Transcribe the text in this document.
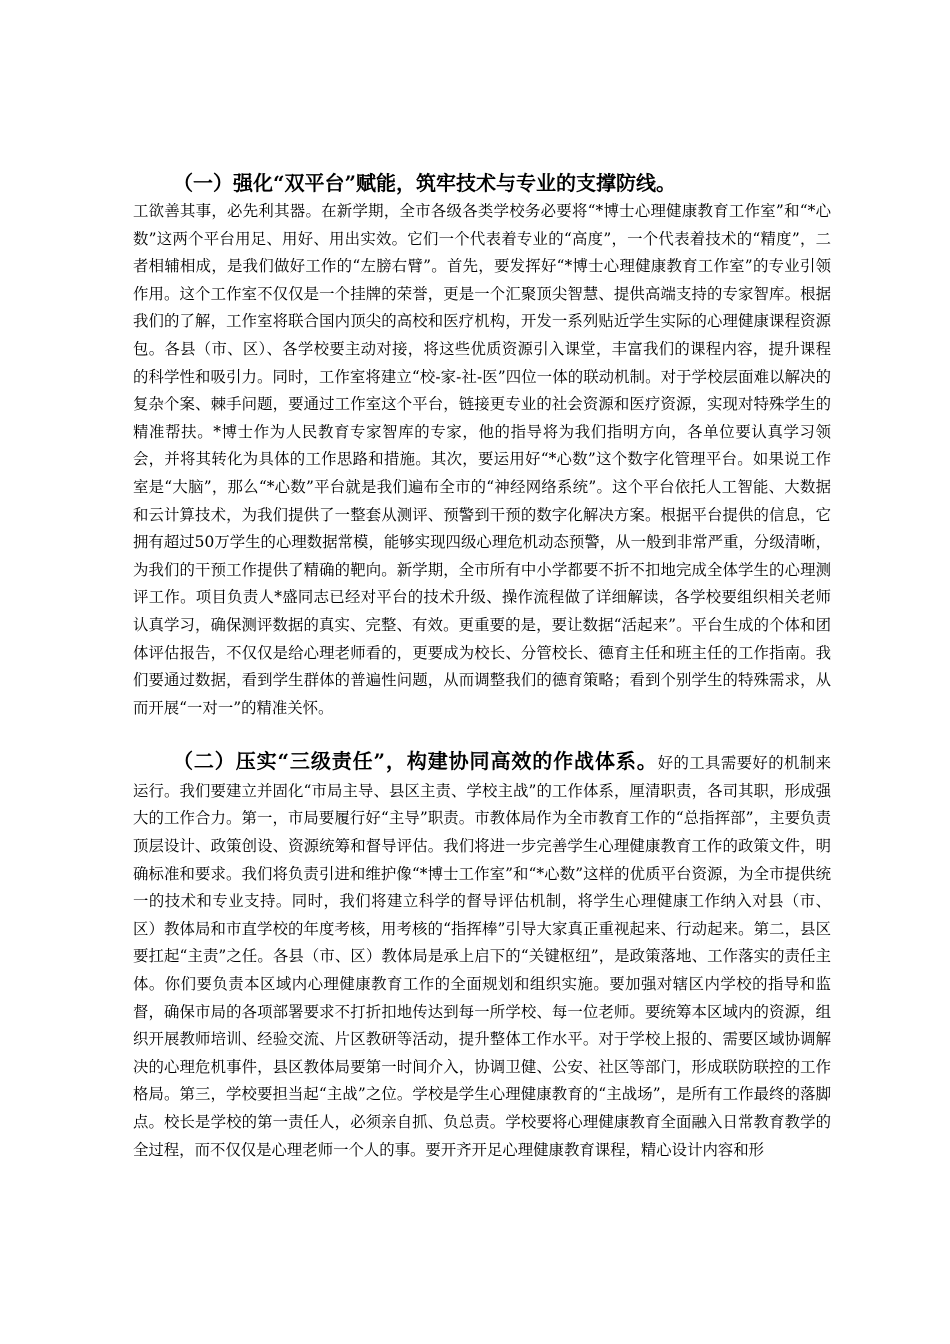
（一）强化“双平台”赋能，筑牢技术与专业的支撑防线。
工欲善其事，必先利其器。在新学期，全市各级各类学校务必要将“*博士心理健康教育工作室”和“*心数”这两个平台用足、用好、用出实效。它们一个代表着专业的“高度”，一个代表着技术的“精度”，二者相辅相成，是我们做好工作的“左膀右臂”。首先，要发挥好“*博士心理健康教育工作室”的专业引领作用。这个工作室不仅仅是一个挂牌的荣誉，更是一个汇聚顶尖智慧、提供高端支持的专家智库。根据我们的了解，工作室将联合国内顶尖的高校和医疗机构，开发一系列贴近学生实际的心理健康课程资源包。各县（市、区）、各学校要主动对接，将这些优质资源引入课堂，丰富我们的课程内容，提升课程的科学性和吸引力。同时，工作室将建立“校-家-社-医”四位一体的联动机制。对于学校层面难以解决的复杂个案、棘手问题，要通过工作室这个平台，链接更专业的社会资源和医疗资源，实现对特殊学生的精准帮扶。*博士作为人民教育专家智库的专家，他的指导将为我们指明方向，各单位要认真学习领会，并将其转化为具体的工作思路和措施。其次，要运用好“*心数”这个数字化管理平台。如果说工作室是“大脑”，那么“*心数”平台就是我们遍布全市的“神经网络系统”。这个平台依托人工智能、大数据和云计算技术，为我们提供了一整套从测评、预警到干预的数字化解决方案。根据平台提供的信息，它拥有超过50万学生的心理数据常模，能够实现四级心理危机动态预警，从一般到非常严重，分级清晰，为我们的干预工作提供了精确的靶向。新学期，全市所有中小学都要不折不扣地完成全体学生的心理测评工作。项目负责人*盛同志已经对平台的技术升级、操作流程做了详细解读，各学校要组织相关老师认真学习，确保测评数据的真实、完整、有效。更重要的是，要让数据“活起来”。平台生成的个体和团体评估报告，不仅仅是给心理老师看的，更要成为校长、分管校长、德育主任和班主任的工作指南。我们要通过数据，看到学生群体的普遍性问题，从而调整我们的德育策略；看到个别学生的特殊需求，从而开展“一对一”的精准关怀。

（二）压实“三级责任”，构建协同高效的作战体系。好的工具需要好的机制来运行。我们要建立并固化“市局主导、县区主责、学校主战”的工作体系，厘清职责，各司其职，形成强大的工作合力。第一，市局要履行好“主导”职责。市教体局作为全市教育工作的“总指挥部”，主要负责顶层设计、政策创设、资源统筹和督导评估。我们将进一步完善学生心理健康教育工作的政策文件，明确标准和要求。我们将负责引进和维护像“*博士工作室”和“*心数”这样的优质平台资源，为全市提供统一的技术和专业支持。同时，我们将建立科学的督导评估机制，将学生心理健康工作纳入对县（市、区）教体局和市直学校的年度考核，用考核的“指挥棒”引导大家真正重视起来、行动起来。第二，县区要扛起“主责”之任。各县（市、区）教体局是承上启下的“关键枢纽”，是政策落地、工作落实的责任主体。你们要负责本区域内心理健康教育工作的全面规划和组织实施。要加强对辖区内学校的指导和监督，确保市局的各项部署要求不打折扣地传达到每一所学校、每一位老师。要统筹本区域内的资源，组织开展教师培训、经验交流、片区教研等活动，提升整体工作水平。对于学校上报的、需要区域协调解决的心理危机事件，县区教体局要第一时间介入，协调卫健、公安、社区等部门，形成联防联控的工作格局。第三，学校要担当起“主战”之位。学校是学生心理健康教育的“主战场”，是所有工作最终的落脚点。校长是学校的第一责任人，必须亲自抓、负总责。学校要将心理健康教育全面融入日常教育教学的全过程，而不仅仅是心理老师一个人的事。要开齐开足心理健康教育课程，精心设计内容和形
